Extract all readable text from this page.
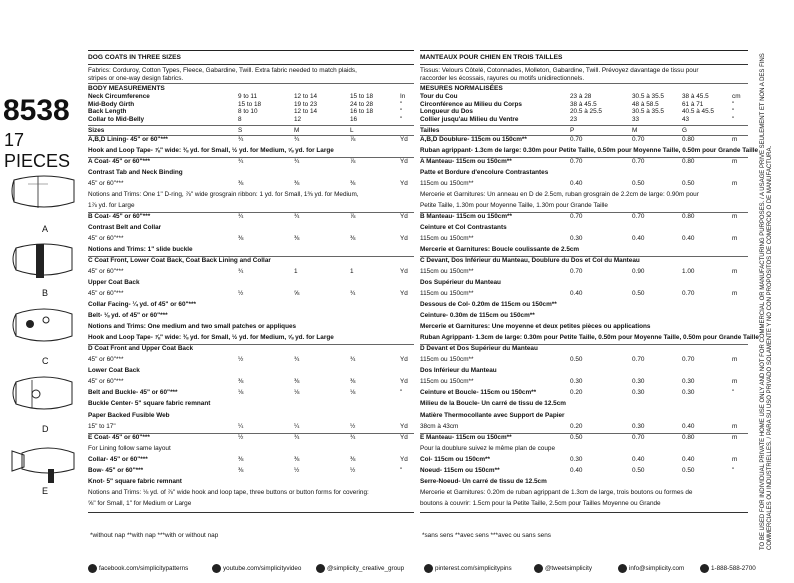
8538
17 PIECES
A
B
C
D
E
DOG COATS IN THREE SIZES
Fabrics: Corduroy, Cotton Types, Fleece, Gabardine, Twill. Extra fabric needed to match plaids,
stripes or one-way design fabrics.
BODY MEASUREMENTS
Neck Circumference	9 to 11	12 to 14	15 to 18	In
Mid-Body Girth	15 to 18	19 to 23	24 to 28	"
Back Length	8 to 10	12 to 14	16 to 18	"
Collar to Mid-Belly	8	12	16	"
Sizes	S	M	L
A,B,D Lining- 45" or 60"***	¾	¾	⅞	Yd
Hook and Loop Tape- ⅞" wide: ⅜ yd. for Small, ½ yd. for Medium, ⅝ yd. for Large
A Coat- 45" or 60"***	¾	¾	⅞	Yd
Contrast Tab and Neck Binding
45" or 60"***	⅜	⅜	⅜	Yd
Notions and Trims: One 1" D-ring, ⅞" wide grosgrain ribbon: 1 yd. for Small, 1⅜ yd. for Medium,
1⅞ yd. for Large
B Coat- 45" or 60"***	¾	¾	⅞	Yd
Contrast Belt and Collar
45" or 60"***	⅜	⅜	⅜	Yd
Notions and Trims: 1" slide buckle
C Coat Front, Lower Coat Back, Coat Back Lining and Collar
45" or 60"***	¾	1	1	Yd
Upper Coat Back
45" or 60"***	½	⅝	¾	Yd
Collar Facing- ¼ yd. of 45" or 60"***
Belt- ⅛ yd. of 45" or 60"***
Notions and Trims: One medium and two small patches or appliques
Hook and Loop Tape- ⅞" wide: ⅜ yd. for Small, ½ yd. for Medium, ⅝ yd. for Large
D Coat Front and Upper Coat Back
45" or 60"***	½	¾	¾	Yd
Lower Coat Back
45" or 60"***	⅜	⅜	⅜	Yd
Belt and Buckle- 45" or 60"***	⅛	⅛	⅛	"
Buckle Center- 5" square fabric remnant
Paper Backed Fusible Web
15" to 17"	¼	¼	½	Yd
E Coat- 45" or 60"***	½	¾	¾	Yd
For Lining follow same layout
Collar- 45" or 60"***	⅜	⅜	⅜	Yd
Bow- 45" or 60"***	⅜	½	½	"
Knot- 5" square fabric remnant
Notions and Trims: ⅛ yd. of ⅞" wide hook and loop tape, three buttons or button forms for covering:
⅝" for Small, 1" for Medium or Large
*without nap **with nap ***with or without nap
MANTEAUX POUR CHIEN EN TROIS TAILLES
Tissus: Velours Côtelé, Cotonnades, Molleton, Gabardine, Twill. Prévoyez davantage de tissu pour
raccorder les écossais, rayures ou motifs unidirectionnels.
MESURES NORMALISÉES
Tour du Cou	23 à 28	30.5 à 35.5	38 à 45.5	cm
Circonférence au Milieu du Corps	38 à 45.5	48 à 58.5	61 à 71	"
Longueur du Dos	20.5 à 25.5	30.5 à 35.5	40.5 à 45.5	"
Collier jusqu'au Milieu du Ventre	23	33	43	"
Tailles	P	M	G
A,B,D Doublure- 115cm ou 150cm**	0.70	0.70	0.80	m
Ruban agrippant- 1.3cm de large: 0.30m pour Petite Taille, 0.50m pour Moyenne Taille, 0.50m pour Grande Taille
A Manteau- 115cm ou 150cm**	0.70	0.70	0.80	m
Patte et Bordure d'encolure Contrastantes
115cm ou 150cm**	0.40	0.50	0.50	m
Mercerie et Garnitures: Un anneau en D de 2.5cm, ruban grosgrain de 2.2cm de large: 0.90m pour
Petite Taille, 1.30m pour Moyenne Taille, 1.30m pour Grande Taille
B Manteau- 115cm ou 150cm**	0.70	0.70	0.80	m
Ceinture et Col Contrastants
115cm ou 150cm**	0.30	0.40	0.40	m
Mercerie et Garnitures: Boucle coulissante de 2.5cm
C Devant, Dos Inférieur du Manteau, Doublure du Dos et Col du Manteau
115cm ou 150cm**	0.70	0.90	1.00	m
Dos Supérieur du Manteau
115cm ou 150cm**	0.40	0.50	0.70	m
Dessous de Col- 0.20m de 115cm ou 150cm**
Ceinture- 0.30m de 115cm ou 150cm**
Mercerie et Garnitures: Une moyenne et deux petites pièces ou applications
Ruban Agrippant- 1.3cm de large: 0.30m pour Petite Taille, 0.50m pour Moyenne Taille, 0.50m pour Grande Taille
D Devant et Dos Supérieur du Manteau
115cm ou 150cm**	0.50	0.70	0.70	m
Dos Inférieur du Manteau
115cm ou 150cm**	0.30	0.30	0.30	m
Ceinture et Boucle- 115cm ou 150cm**	0.20	0.30	0.30	"
Milieu de la Boucle- Un carré de tissu de 12.5cm
Matière Thermocollante avec Support de Papier
38cm à 43cm	0.20	0.30	0.40	m
E Manteau- 115cm ou 150cm**	0.50	0.70	0.80	m
Pour la doublure suivez le même plan de coupe
Col- 115cm ou 150cm**	0.30	0.40	0.40	m
Noeud- 115cm ou 150cm**	0.40	0.50	0.50	"
Serre-Noeud- Un carré de tissu de 12.5cm
Mercerie et Garnitures: 0.20m de ruban agrippant de 1.3cm de large, trois boutons ou formes de
boutons à couvrir: 1.5cm pour la Petite Taille, 2.5cm pour Tailles Moyenne ou Grande
*sans sens **avec sens ***avec ou sans sens	TO BE USED FOR INDIVIDUAL PRIVATE HOME USE ONLY AND NOT FOR COMMERCIAL OR MANUFACTURING PURPOSES. / A USAGE PRIVE SEULEMENT ET NON A DES FINS COMMERCIALES OU INDUSTRIELLES. / PARA SU USO PRIVADO SOLAMENTE Y NO CON PROPOSITOS DE COMERCIO O DE MANUFACTURA.
facebook.com/simplicitypatterns	youtube.com/simplicityvideo	@simplicity_creative_group	pinterest.com/simplicitypins	@tweetsimplicity	info@simplicity.com	1-888-588-2700
